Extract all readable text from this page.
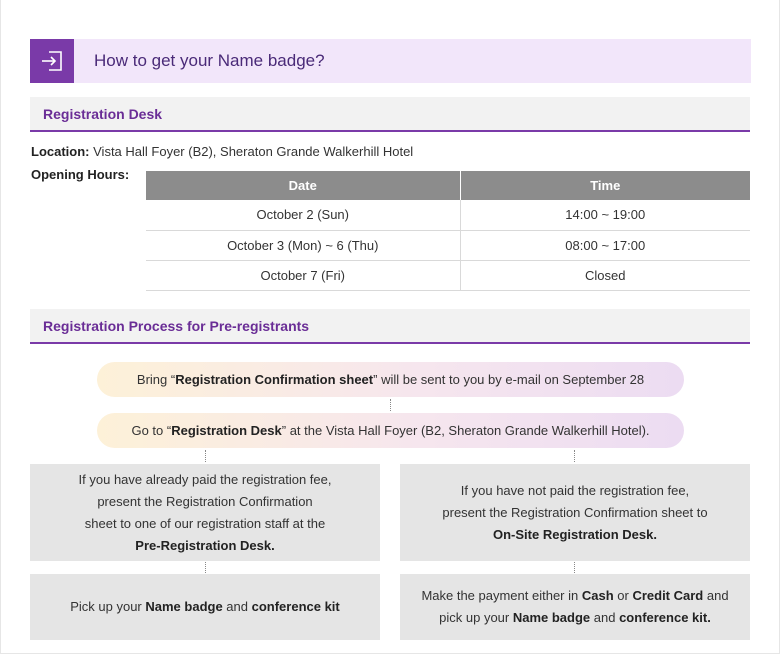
How to get your Name badge?
Registration Desk
Location: Vista Hall Foyer (B2), Sheraton Grande Walkerhill Hotel
Opening Hours:
Date	Time
October 2 (Sun)	14:00 ~ 19:00
October 3 (Mon) ~ 6 (Thu)	08:00 ~ 17:00
October 7 (Fri)	Closed
Registration Process for Pre-registrants
Bring “ Registration Confirmation sheet ” will be sent to you by e-mail on September 28
Go to “ Registration Desk ” at the Vista Hall Foyer (B2, Sheraton Grande Walkerhill Hotel).
If you have already paid the registration fee,
present the Registration Confirmation
sheet to one of our registration staff at the
Pre-Registration Desk.
If you have not paid the registration fee,
present the Registration Confirmation sheet to
On-Site Registration Desk.
Pick up your Name badge and conference kit
Make the payment either in Cash or Credit Card and
pick up your Name badge and conference kit.
